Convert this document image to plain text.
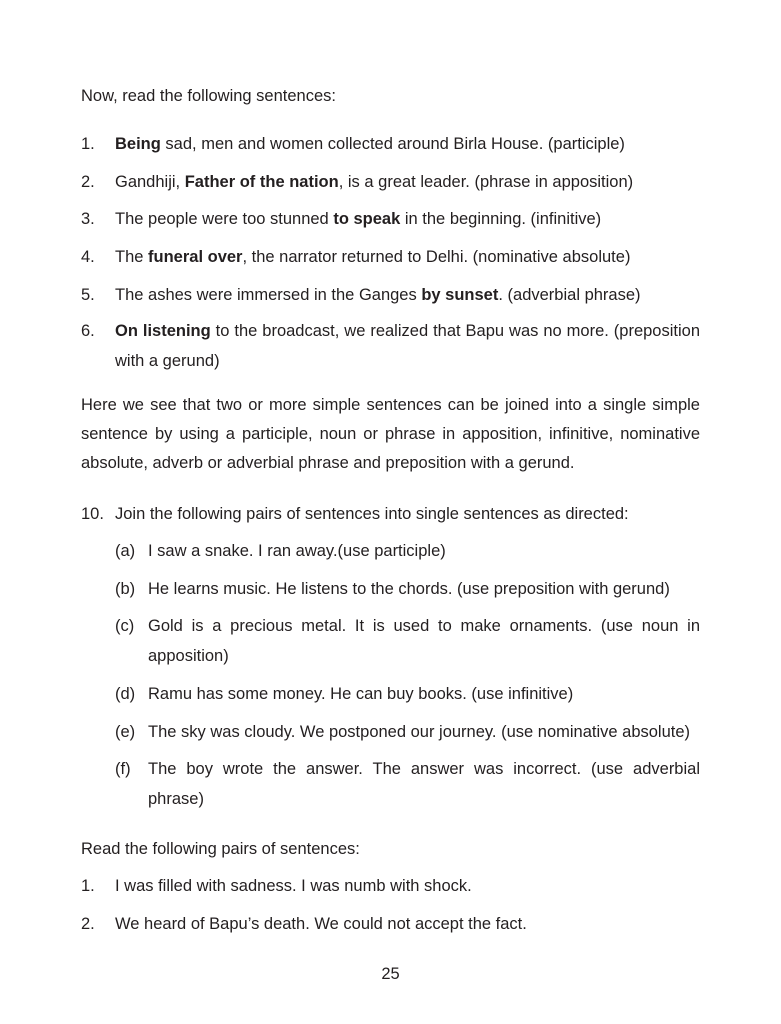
Now, read the following sentences:
1. Being sad, men and women collected around Birla House. (participle)
2. Gandhiji, Father of the nation, is a great leader. (phrase in apposition)
3. The people were too stunned to speak in the beginning. (infinitive)
4. The funeral over, the narrator returned to Delhi. (nominative absolute)
5. The ashes were immersed in the Ganges by sunset. (adverbial phrase)
6. On listening to the broadcast, we realized that Bapu was no more. (preposition with a gerund)
Here we see that two or more simple sentences can be joined into a single simple sentence by using a participle, noun or phrase in apposition, infinitive, nominative absolute, adverb or adverbial phrase and preposition with a gerund.
10. Join the following pairs of sentences into single sentences as directed:
(a) I saw a snake. I ran away.(use participle)
(b) He learns music. He listens to the chords. (use preposition with gerund)
(c) Gold is a precious metal. It is used to make ornaments. (use noun in apposition)
(d) Ramu has some money. He can buy books. (use infinitive)
(e) The sky was cloudy. We postponed our journey. (use nominative absolute)
(f) The boy wrote the answer. The answer was incorrect. (use adverbial phrase)
Read the following pairs of sentences:
1. I was filled with sadness. I was numb with shock.
2. We heard of Bapu’s death. We could not accept the fact.
25
